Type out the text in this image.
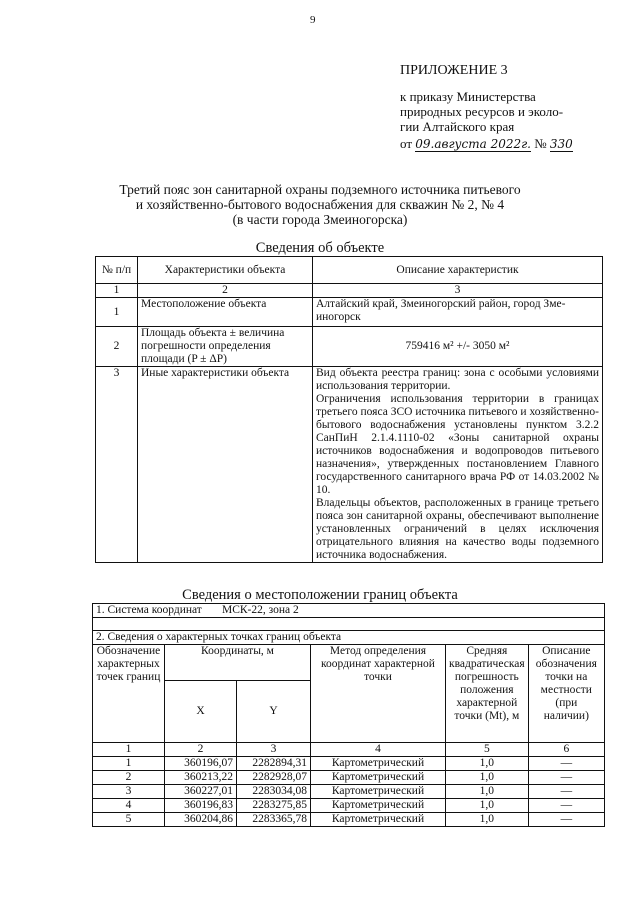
9
ПРИЛОЖЕНИЕ 3
к приказу Министерства
природных ресурсов и эколо-
гии Алтайского края
от 09.августа 2022г. № 330
Третий пояс зон санитарной охраны подземного источника питьевого
и хозяйственно-бытового водоснабжения для скважин № 2, № 4
(в части города Змеиногорска)
Сведения об объекте
№ п/п	Характеристики объекта	Описание характеристик
1	2	3
1	Местоположение объекта	Алтайский край, Змеиногорский район, город Зме-
иногорск

2	Площадь объекта ± величина погрешности определения площади (P ± ΔP)	759416 м² +/- 3050 м²
3	Иные характеристики объекта	Вид объекта реестра границ: зона с особыми условиями использования территории.
Ограничения использования территории в границах третьего пояса ЗСО источника питьевого и хозяйственно-бытового водоснабжения установлены пунктом 3.2.2 СанПиН 2.1.4.1110-02 «Зоны санитарной охраны источников водоснабжения и водопроводов питьевого назначения», утвержденных постановлением Главного государственного санитарного врача РФ от 14.03.2002 № 10.
Владельцы объектов, расположенных в границе третьего пояса зон санитарной охраны, обеспечивают выполнение установленных ограничений в целях исключения отрицательного влияния на качество воды подземного источника водоснабжения.
Сведения о местоположении границ объекта
1. Система координат МСК-22, зона 2					

2. Сведения о характерных точках границ объекта					
Обозначение характерных точек границ	Координаты, м		Метод определения координат характерной точки	Средняя квадратическая погрешность положения характерной точки (Mt), м	Описание обозначения точки на местности (при наличии)
	X	Y			
1	2	3	4	5	6
1	360196,07	2282894,31	Картометрический	1,0	—
2	360213,22	2282928,07	Картометрический	1,0	—
3	360227,01	2283034,08	Картометрический	1,0	—
4	360196,83	2283275,85	Картометрический	1,0	—
5	360204,86	2283365,78	Картометрический	1,0	—
